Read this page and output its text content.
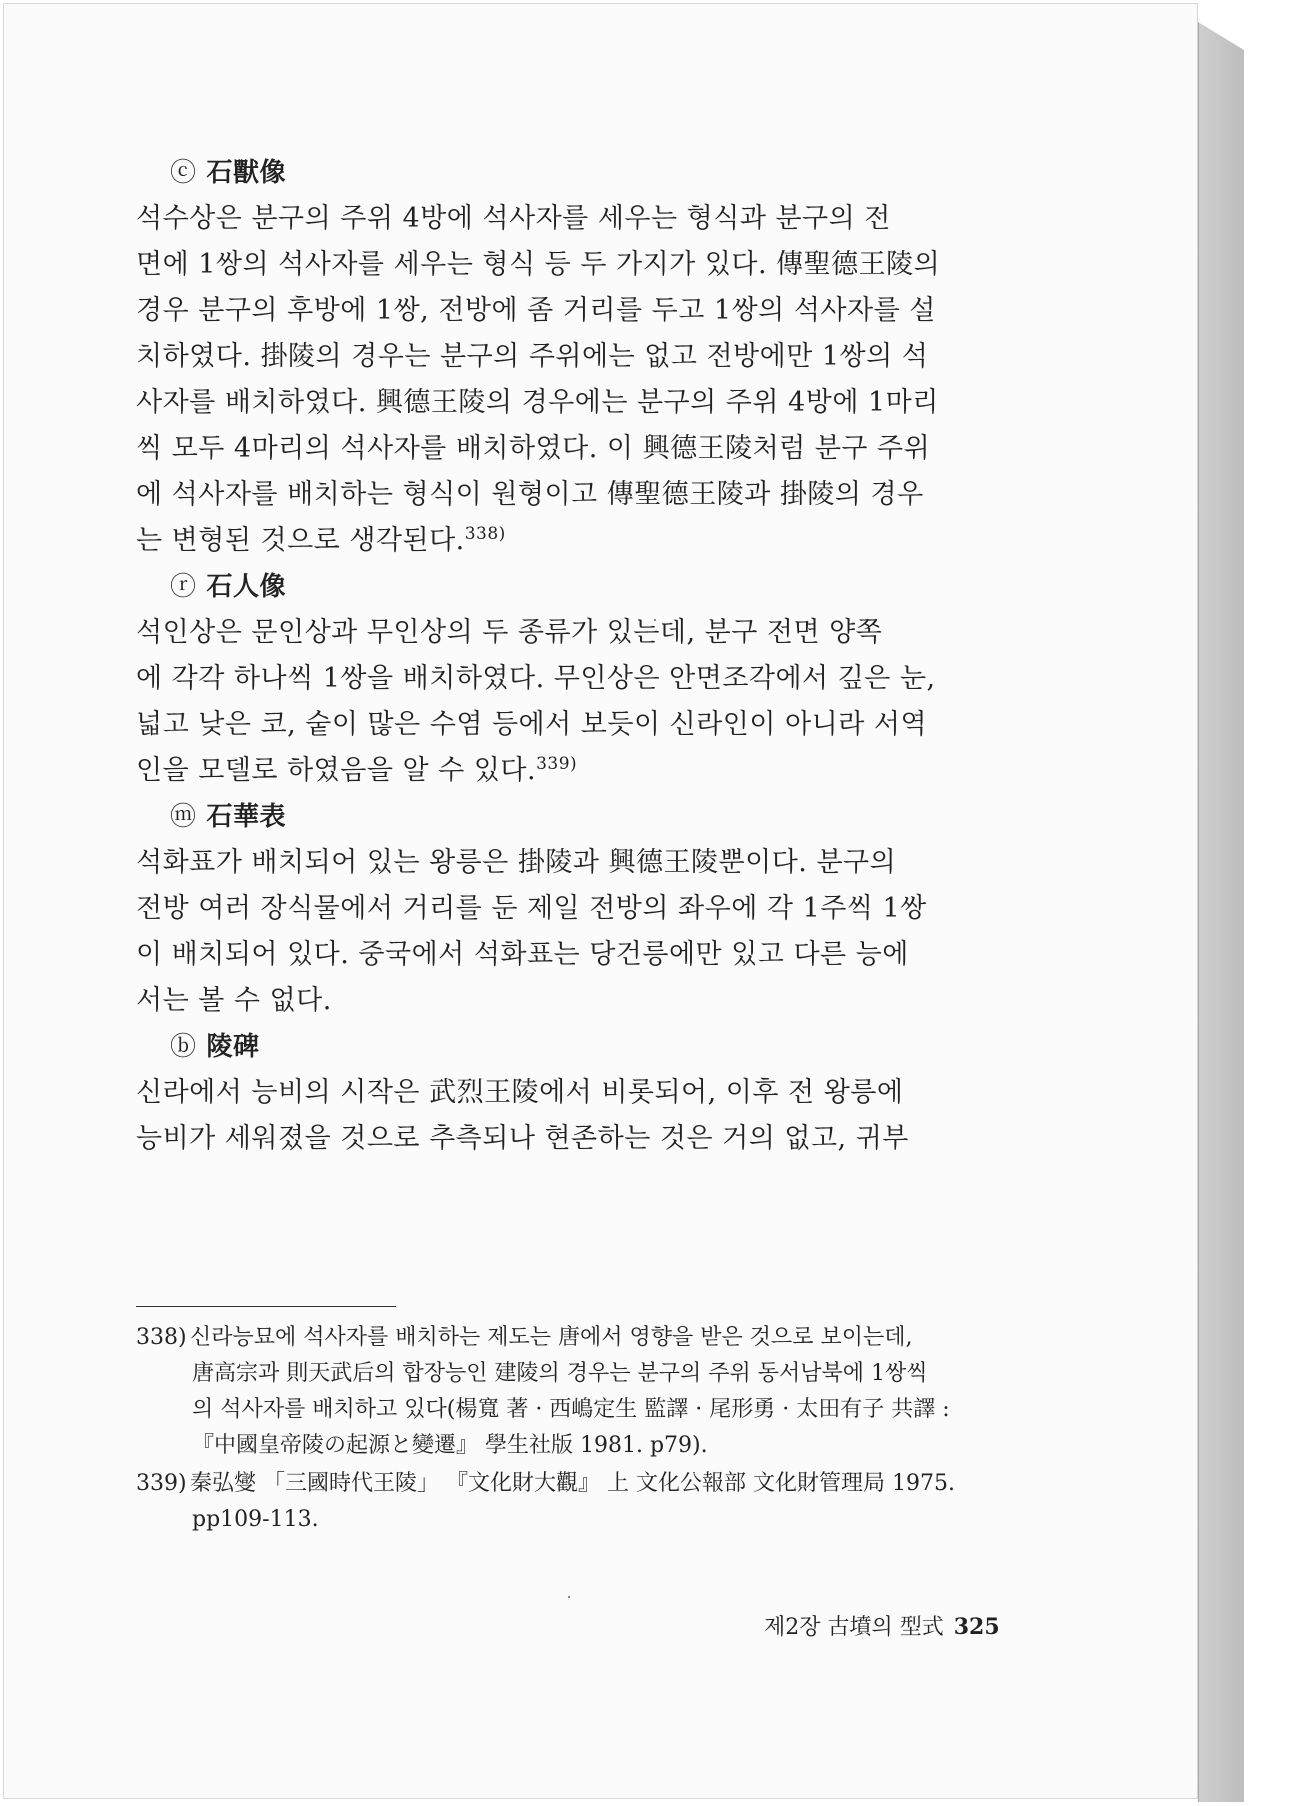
ⓒ 石獸像
석수상은 분구의 주위 4방에 석사자를 세우는 형식과 분구의 전
면에 1쌍의 석사자를 세우는 형식 등 두 가지가 있다. 傳聖德王陵의
경우 분구의 후방에 1쌍, 전방에 좀 거리를 두고 1쌍의 석사자를 설
치하였다. 掛陵의 경우는 분구의 주위에는 없고 전방에만 1쌍의 석
사자를 배치하였다. 興德王陵의 경우에는 분구의 주위 4방에 1마리
씩 모두 4마리의 석사자를 배치하였다. 이 興德王陵처럼 분구 주위
에 석사자를 배치하는 형식이 원형이고 傳聖德王陵과 掛陵의 경우
는 변형된 것으로 생각된다.$^{338)}$
ⓡ 石人像
석인상은 문인상과 무인상의 두 종류가 있는데, 분구 전면 양쪽
에 각각 하나씩 1쌍을 배치하였다. 무인상은 안면조각에서 깊은 눈,
넓고 낮은 코, 숱이 많은 수염 등에서 보듯이 신라인이 아니라 서역
인을 모델로 하였음을 알 수 있다.$^{339)}$
ⓜ 石華表
석화표가 배치되어 있는 왕릉은 掛陵과 興德王陵뿐이다. 분구의
전방 여러 장식물에서 거리를 둔 제일 전방의 좌우에 각 1주씩 1쌍
이 배치되어 있다. 중국에서 석화표는 당건릉에만 있고 다른 능에
서는 볼 수 없다.
ⓑ 陵碑
신라에서 능비의 시작은 武烈王陵에서 비롯되어, 이후 전 왕릉에
능비가 세워졌을 것으로 추측되나 현존하는 것은 거의 없고, 귀부
338) 신라능묘에 석사자를 배치하는 제도는 唐에서 영향을 받은 것으로 보이는데,
唐高宗과 則天武后의 합장능인 建陵의 경우는 분구의 주위 동서남북에 1쌍씩
의 석사자를 배치하고 있다(楊寬 著 · 西嶋定生 監譯 · 尾形勇 · 太田有子 共譯 :
『中國皇帝陵の起源と變遷』 學生社版 1981. p79).
339) 秦弘燮 「三國時代王陵」 『文化財大觀』 上 文化公報部 文化財管理局 1975.
pp109-113.
제2장 古墳의 型式 325
